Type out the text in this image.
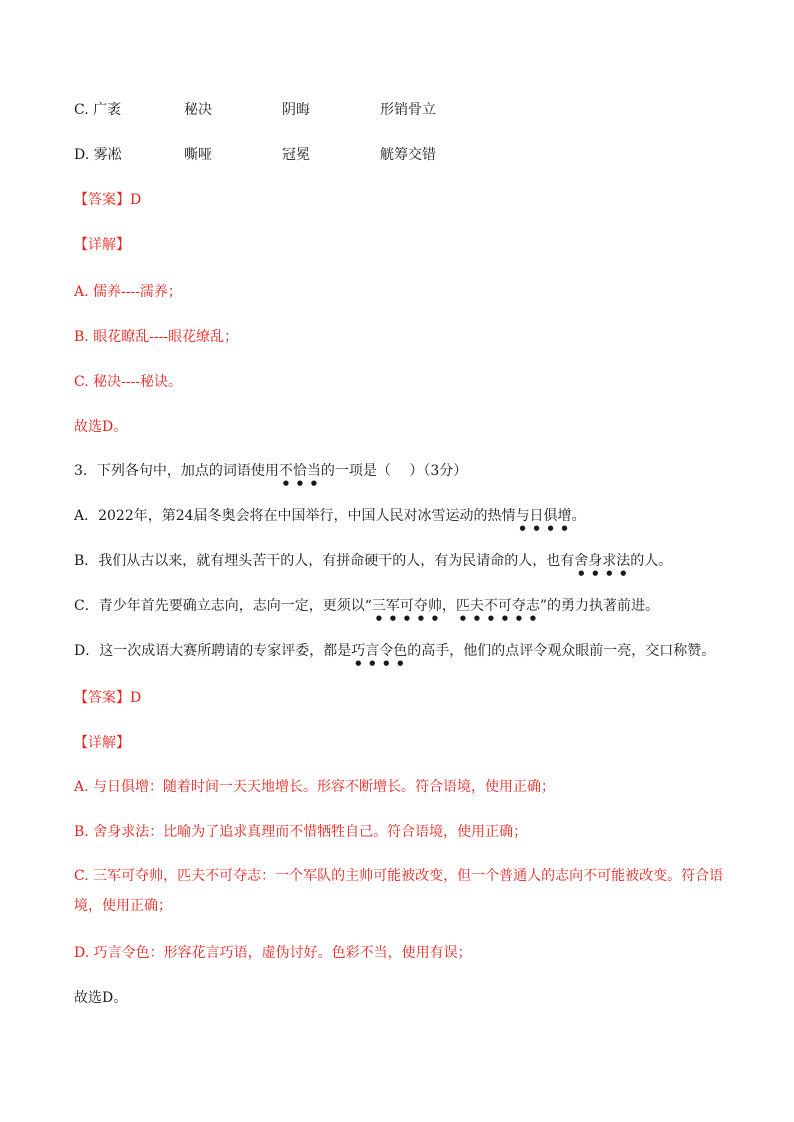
C. 广袤	秘决	阴晦	形销骨立
D. 雾凇	嘶哑	冠冕	觥筹交错
【答案】D
【详解】
A. 儒养----濡养；
B. 眼花瞭乱----眼花缭乱；
C. 秘决----秘诀。
故选D。
3．下列各句中，加点的词语使用不恰当的一项是（　 ）（3分）
A．2022年，第24届冬奥会将在中国举行，中国人民对冰雪运动的热情与日俱增。
B．我们从古以来，就有埋头苦干的人，有拼命硬干的人，有为民请命的人，也有舍身求法的人。
C．青少年首先要确立志向，志向一定，更须以“三军可夺帅，匹夫不可夺志”的勇力执著前进。
D．这一次成语大赛所聘请的专家评委，都是巧言令色的高手，他们的点评令观众眼前一亮，交口称赞。
【答案】D
【详解】
A. 与日俱增：随着时间一天天地增长。形容不断增长。符合语境，使用正确；
B. 舍身求法：比喻为了追求真理而不惜牺牲自己。符合语境，使用正确；
C. 三军可夺帅，匹夫不可夺志：一个军队的主帅可能被改变，但一个普通人的志向不可能被改变。符合语境，使用正确；
D. 巧言令色：形容花言巧语，虚伪讨好。色彩不当，使用有误；
故选D。
